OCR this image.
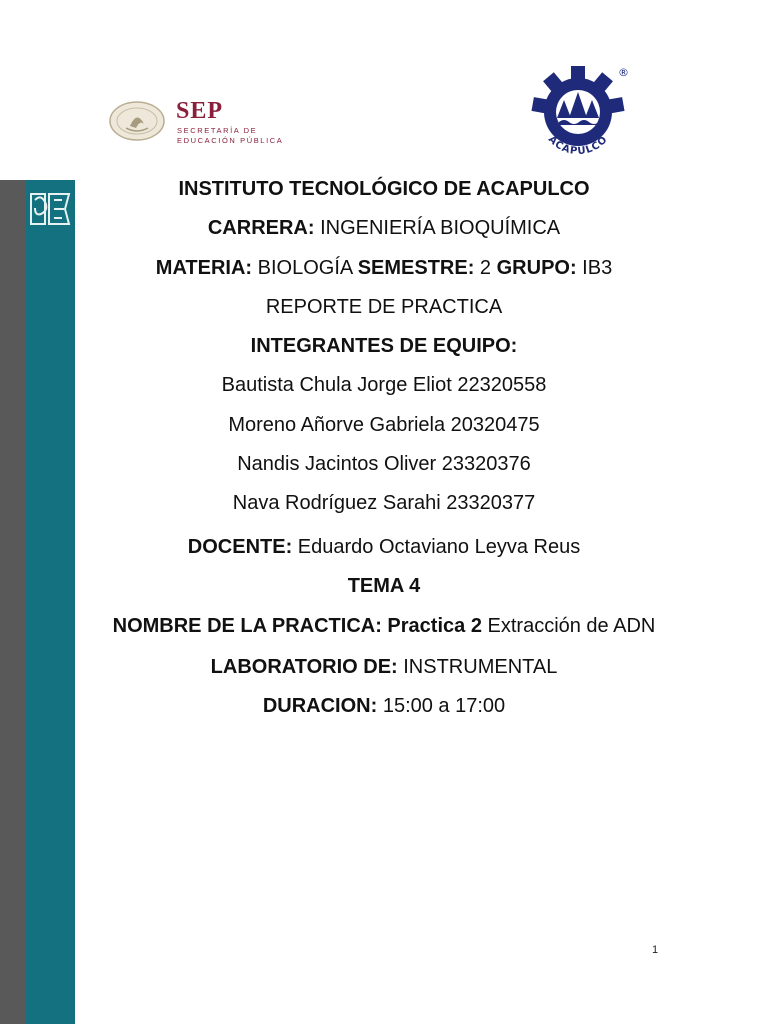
SEP
SECRETARÍA DE
EDUCACIÓN PÚBLICA	ACAPULCO
®
INSTITUTO TECNOLÓGICO DE ACAPULCO
CARRERA: INGENIERÍA BIOQUÍMICA
MATERIA: BIOLOGÍA SEMESTRE: 2 GRUPO: IB3
REPORTE DE PRACTICA
INTEGRANTES DE EQUIPO:
Bautista Chula Jorge Eliot 22320558
Moreno Añorve Gabriela 20320475
Nandis Jacintos Oliver 23320376
Nava Rodríguez Sarahi 23320377
DOCENTE: Eduardo Octaviano Leyva Reus
TEMA 4
NOMBRE DE LA PRACTICA: Practica 2 Extracción de ADN
LABORATORIO DE: INSTRUMENTAL
DURACION: 15:00 a 17:00
1
